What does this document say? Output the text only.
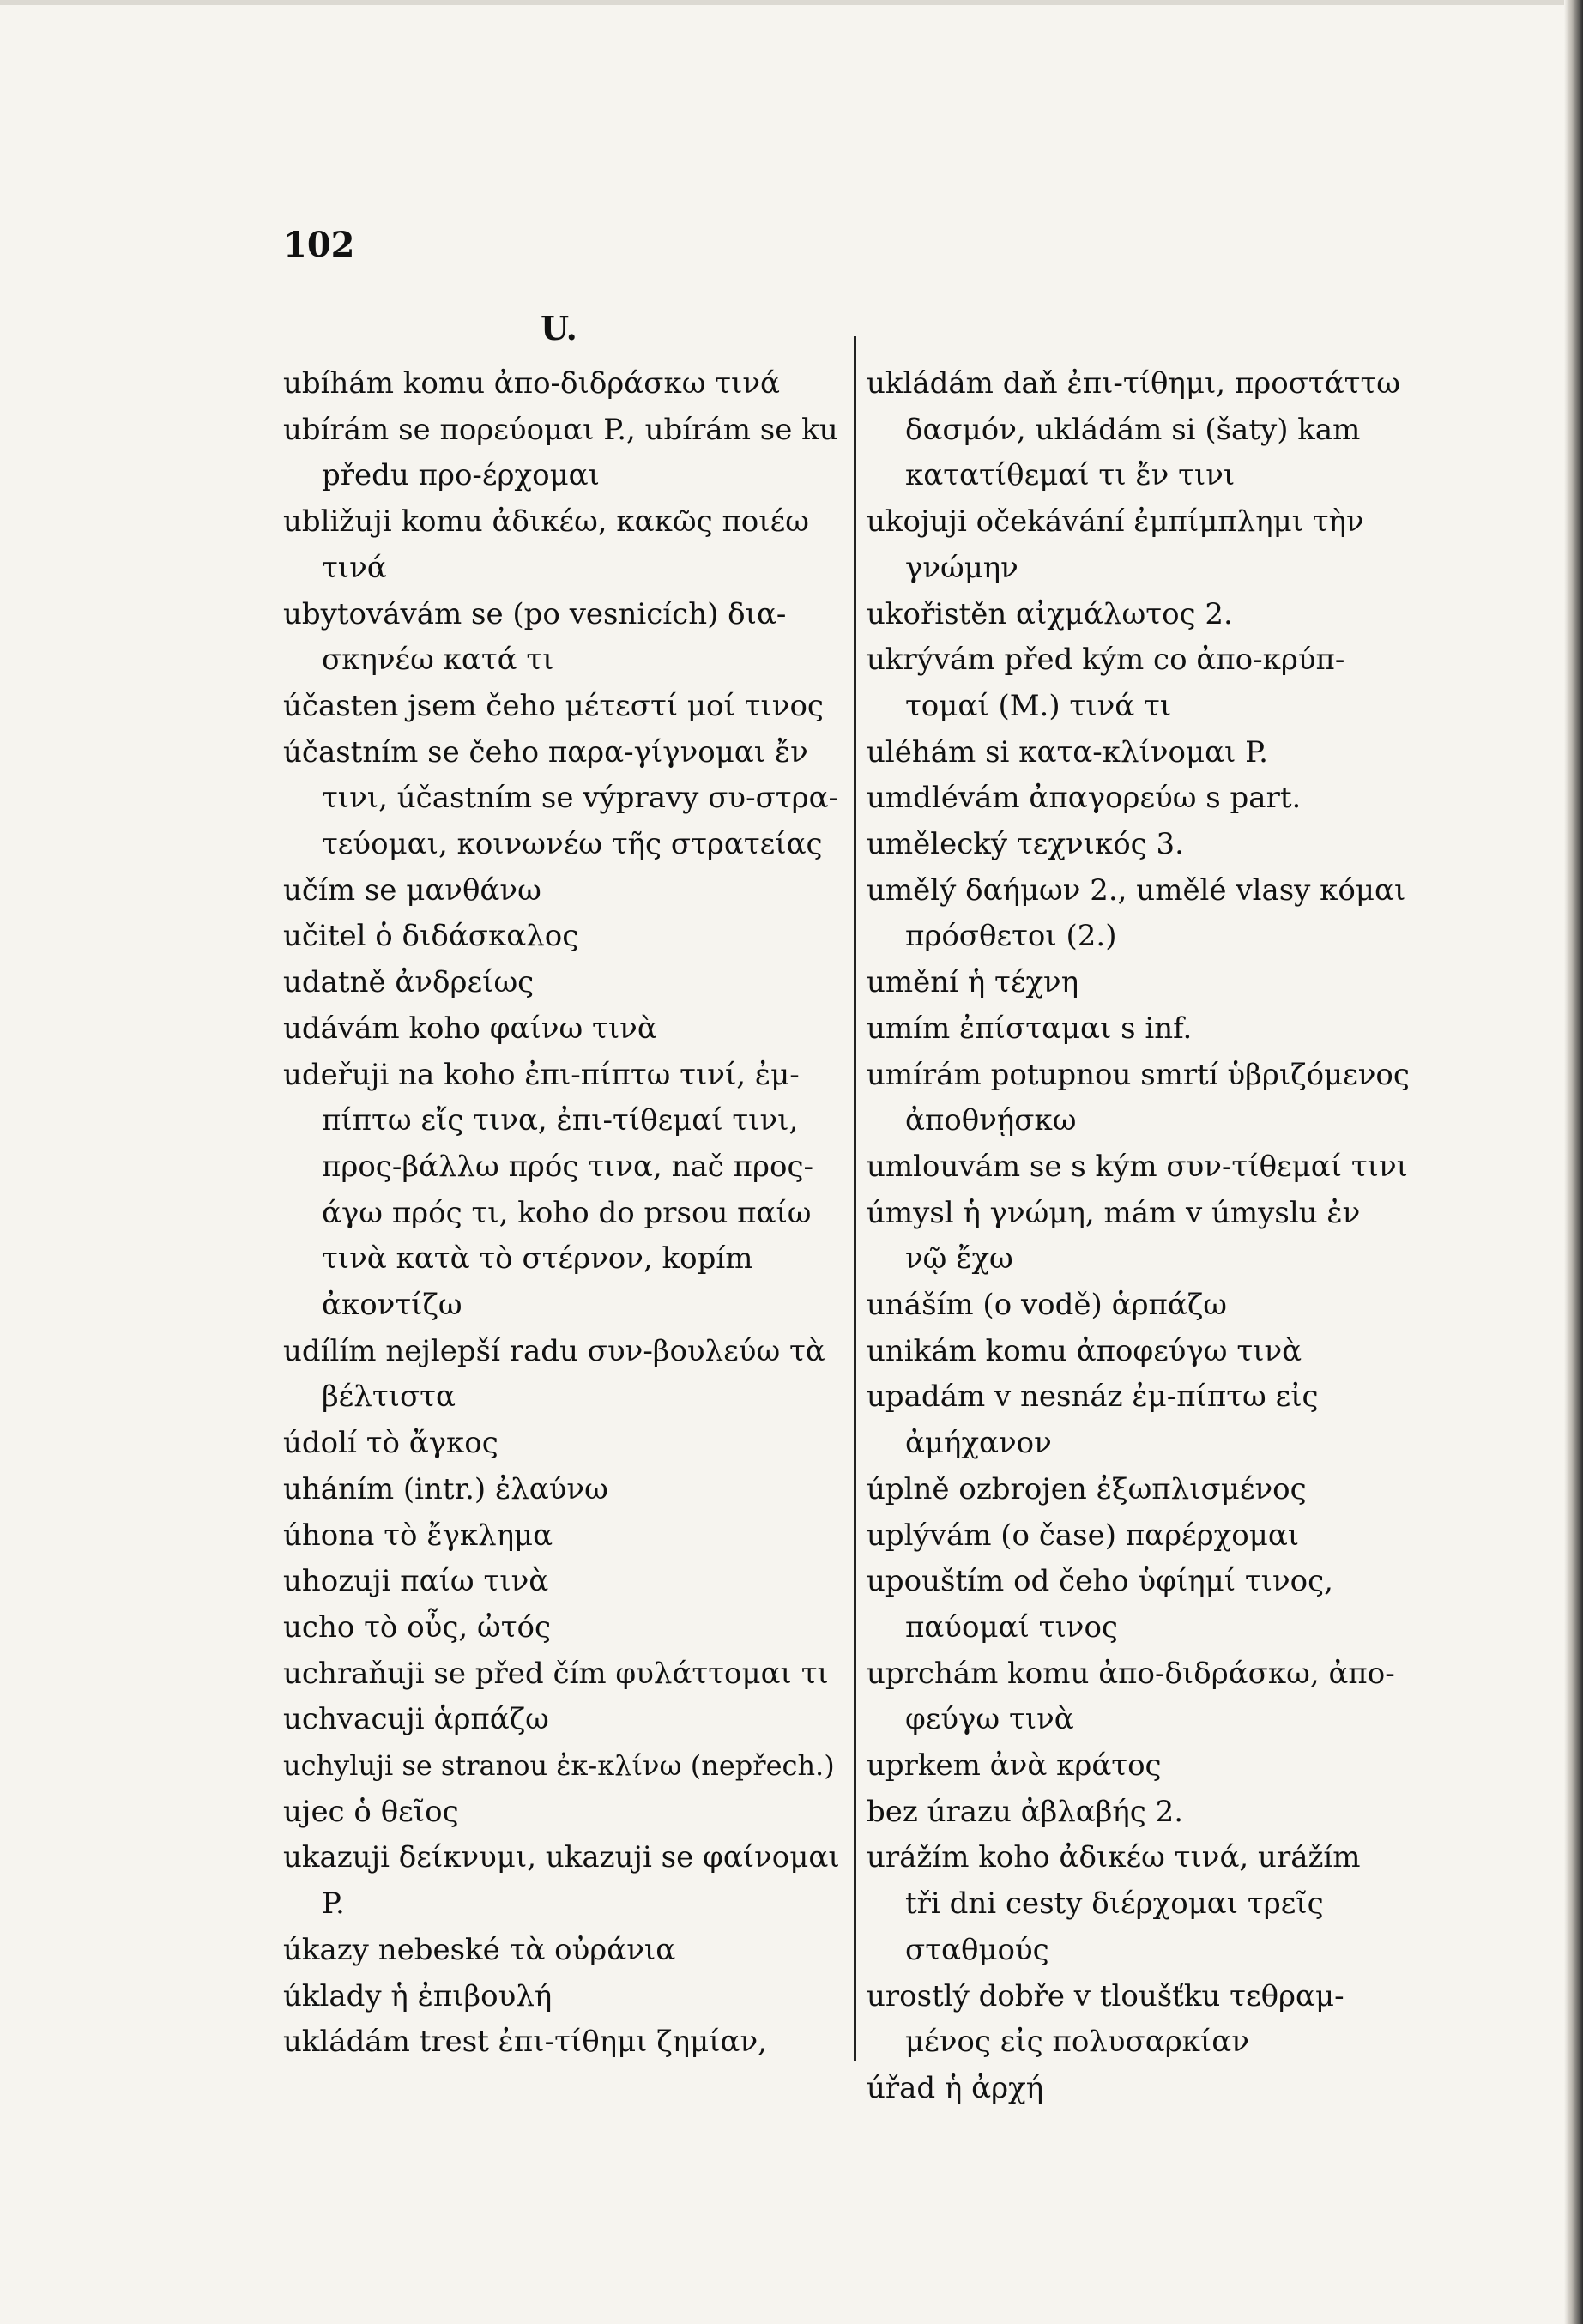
102
U.
ubíhám komu ἀπο-διδράσκω τινά
ubírám se πορεύομαι P., ubírám se ku
předu προ-έρχομαι
ubližuji komu ἀδικέω, κακῶς ποιέω
τινά
ubytovávám se (po vesnicích) δια-
σκηνέω κατά τι
účasten jsem čeho μέτεστί μοί τινος
účastním se čeho παρα-γίγνομαι ἔν
τινι, účastním se výpravy συ-στρα-
τεύομαι, κοινωνέω τῆς στρατείας
učím se μανθάνω
učitel ὁ διδάσκαλος
udatně ἀνδρείως
udávám koho φαίνω τινὰ
udeřuji na koho ἐπι-πίπτω τινί, ἐμ-
πίπτω εἴς τινα, ἐπι-τίθεμαί τινι,
προς-βάλλω πρός τινα, nač προς-
άγω πρός τι, koho do prsou παίω
τινὰ κατὰ τὸ στέρνον, kopím
ἀκοντίζω
udílím nejlepší radu συν-βουλεύω τὰ
βέλτιστα
údolí τὸ ἄγκος
uháním (intr.) ἐλαύνω
úhona τὸ ἔγκλημα
uhozuji παίω τινὰ
ucho τὸ οὖς, ὠτός
uchraňuji se před čím φυλάττομαι τι
uchvacuji ἁρπάζω
uchyluji se stranou ἐκ-κλίνω (nepřech.)
ujec ὁ θεῖος
ukazuji δείκνυμι, ukazuji se φαίνομαι
P.
úkazy nebeské τὰ οὐράνια
úklady ἡ ἐπιβουλή
ukládám trest ἐπι-τίθημι ζημίαν,
ukládám daň ἐπι-τίθημι, προστάττω
δασμόν, ukládám si (šaty) kam
κατατίθεμαί τι ἔν τινι
ukojuji očekávání ἐμπίμπλημι τὴν
γνώμην
ukořistěn αἰχμάλωτος 2.
ukrývám před kým co ἀπο-κρύπ-
τομαί (M.) τινά τι
uléhám si κατα-κλίνομαι P.
umdlévám ἀπαγορεύω s part.
umělecký τεχνικός 3.
umělý δαήμων 2., umělé vlasy κόμαι
πρόσθετοι (2.)
umění ἡ τέχνη
umím ἐπίσταμαι s inf.
umírám potupnou smrtí ὑβριζόμενος
ἀποθνῄσκω
umlouvám se s kým συν-τίθεμαί τινι
úmysl ἡ γνώμη, mám v úmyslu ἐν
νῷ ἔχω
unáším (o vodě) ἁρπάζω
unikám komu ἀποφεύγω τινὰ
upadám v nesnáz ἐμ-πίπτω εἰς
ἀμήχανον
úplně ozbrojen ἐξωπλισμένος
uplývám (o čase) παρέρχομαι
upouštím od čeho ὑφίημί τινος,
παύομαί τινος
uprchám komu ἀπο-διδράσκω, ἀπο-
φεύγω τινὰ
uprkem ἀνὰ κράτος
bez úrazu ἀβλαβής 2.
urážím koho ἀδικέω τινά, urážím
tři dni cesty διέρχομαι τρεῖς
σταθμούς
urostlý dobře v tloušťku τεθραμ-
μένος εἰς πολυσαρκίαν
úřad ἡ ἀρχή
